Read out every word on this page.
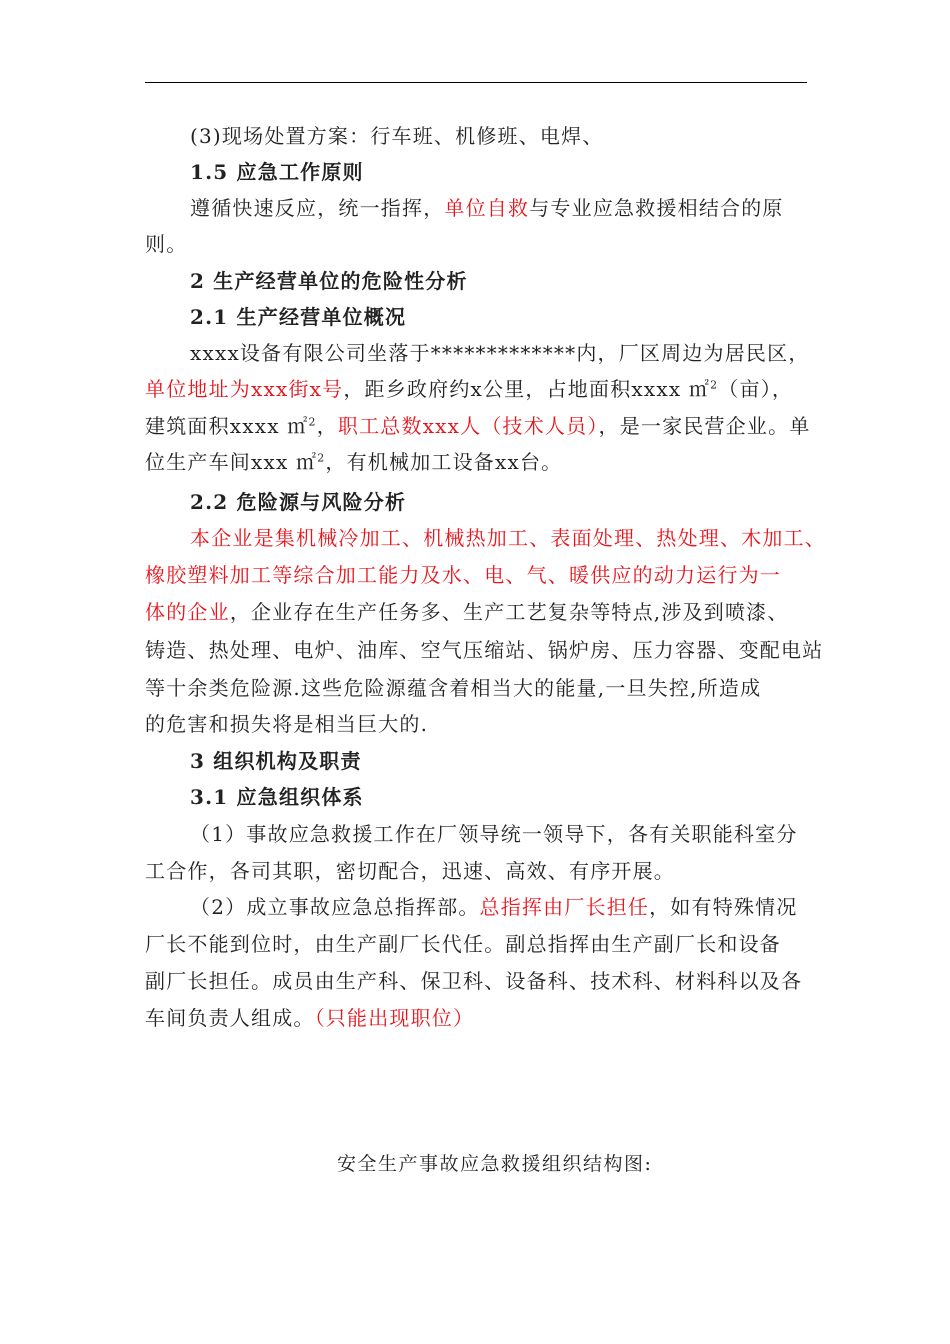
(3)现场处置方案：行车班、机修班、电焊、
1.5 应急工作原则
遵循快速反应，统一指挥，单位自救与专业应急救援相结合的原
则。
2 生产经营单位的危险性分析
2.1 生产经营单位概况
xxxx设备有限公司坐落于*************内，厂区周边为居民区，
单位地址为xxx街x号，距乡政府约x公里，占地面积xxxx ㎡$^2$（亩），
建筑面积xxxx ㎡$^2$，职工总数xxx人（技术人员），是一家民营企业。单
位生产车间xxx ㎡$^2$，有机械加工设备xx台。
2.2 危险源与风险分析
本企业是集机械冷加工、机械热加工、表面处理、热处理、木加工、
橡胶塑料加工等综合加工能力及水、电、气、暖供应的动力运行为一
体的企业，企业存在生产任务多、生产工艺复杂等特点,涉及到喷漆、
铸造、热处理、电炉、油库、空气压缩站、锅炉房、压力容器、变配电站
等十余类危险源.这些危险源蕴含着相当大的能量,一旦失控,所造成
的危害和损失将是相当巨大的.
3 组织机构及职责
3.1 应急组织体系
（1）事故应急救援工作在厂领导统一领导下，各有关职能科室分
工合作，各司其职，密切配合，迅速、高效、有序开展。
（2）成立事故应急总指挥部。总指挥由厂长担任，如有特殊情况
厂长不能到位时，由生产副厂长代任。副总指挥由生产副厂长和设备
副厂长担任。成员由生产科、保卫科、设备科、技术科、材料科以及各
车间负责人组成。（只能出现职位）
安全生产事故应急救援组织结构图:
